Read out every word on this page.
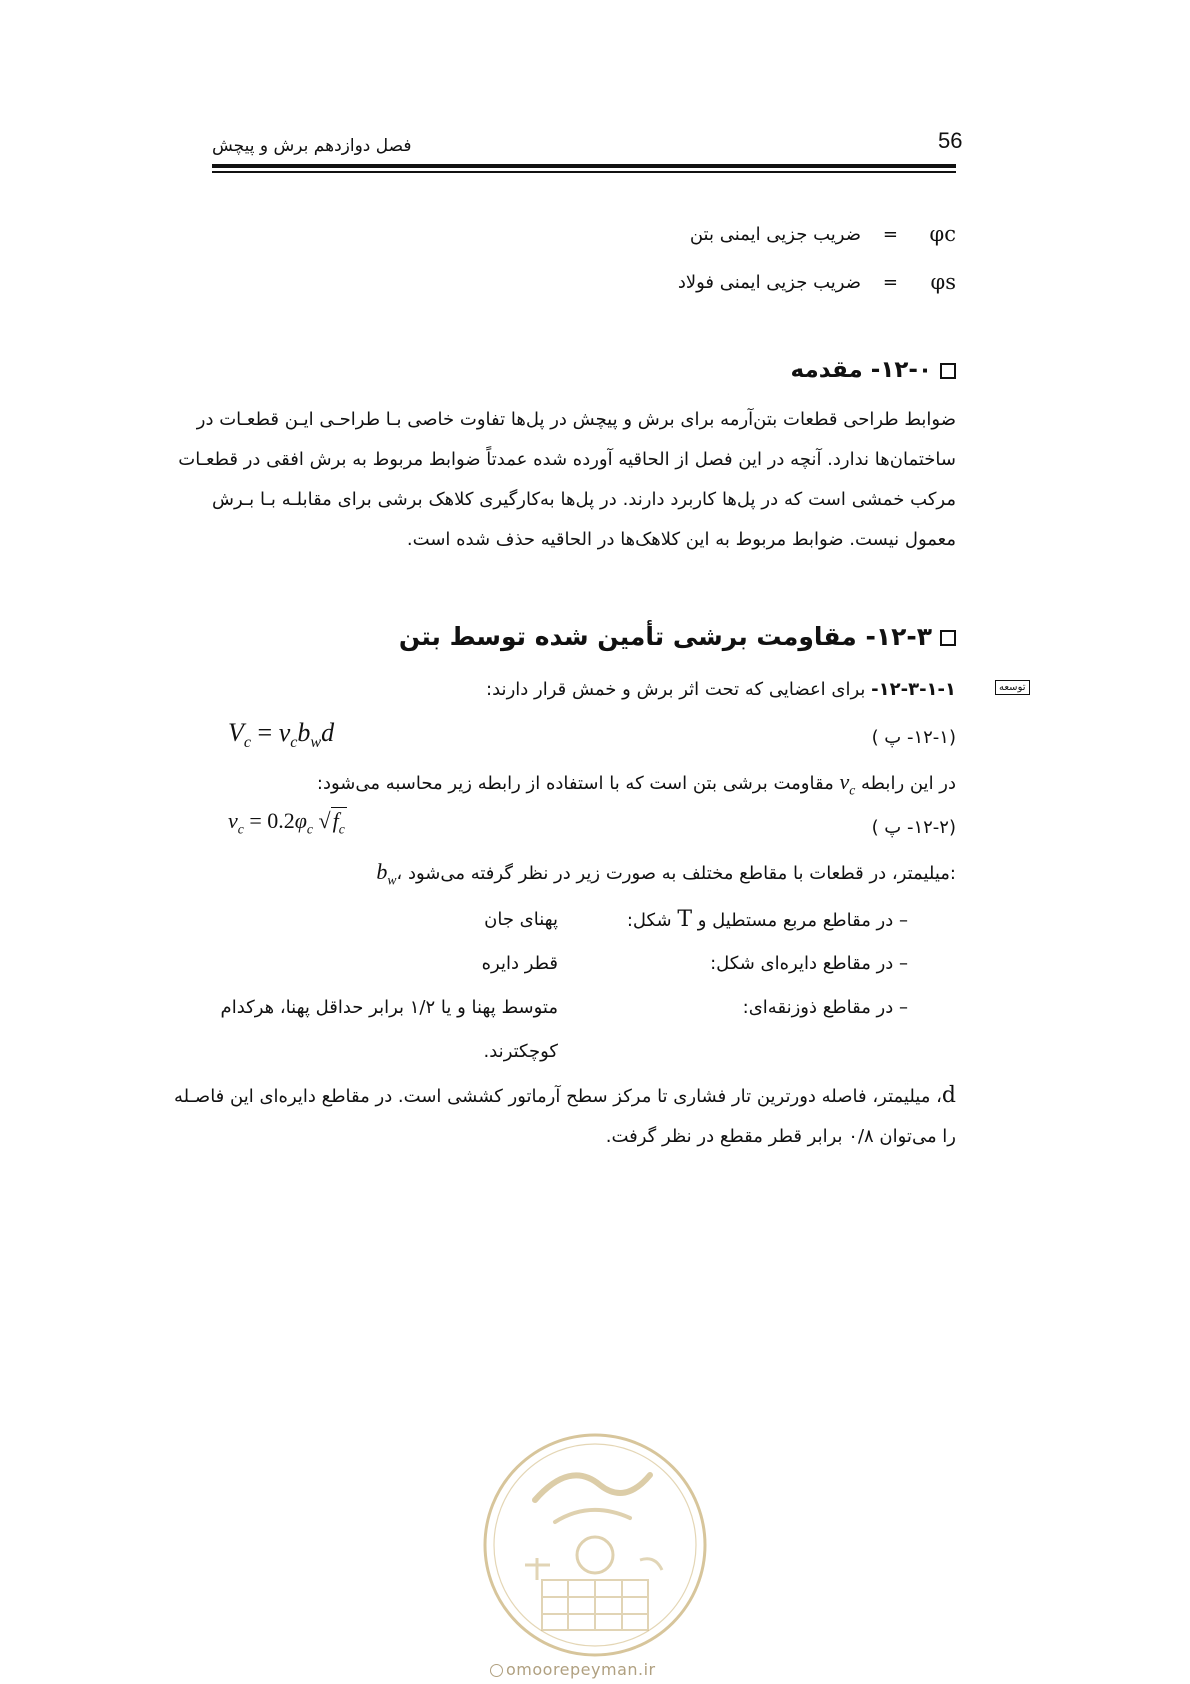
56
فصل دوازدهم برش و پیچش
φc
=
ضریب جزیی ایمنی بتن
φs
=
ضریب جزیی ایمنی فولاد
۱۲-۰- مقدمه
ضوابط طراحی قطعات بتن‌آرمه برای برش و پیچش در پل‌ها تفاوت خاصی بـا طراحـی ایـن قطعـات در
ساختمان‌ها ندارد. آنچه در این فصل از الحاقیه آورده شده عمدتاً ضوابط مربوط به برش افقی در قطعـات
مرکب خمشی است که در پل‌ها کاربرد دارند. در پل‌ها به‌کارگیری کلاهک برشی برای مقابلـه بـا بـرش
معمول نیست. ضوابط مربوط به این کلاهک‌ها در الحاقیه حذف شده است.
۱۲-۳- مقاومت برشی تأمین شده توسط بتن
توسعه
۱۲-۳-۱-۱- برای اعضایی که تحت اثر برش و خمش قرار دارند:
$V_c = v_cb_wd$	(۱۲-۱- پ )
در این رابطه $v_c$ مقاومت برشی بتن است که با استفاده از رابطه زیر محاسبه می‌شود:
$v_c = 0.2\varphi_c$ $√f_c$	(۱۲-۲- پ )
$b_w،$ میلیمتر، در قطعات با مقاطع مختلف به صورت زیر در نظر گرفته می‌شود:
– در مقاطع مربع مستطیل و T شکل:
پهنای جان
– در مقاطع دایره‌ای شکل:
قطر دایره
– در مقاطع ذوزنقه‌ای:
متوسط پهنا و یا ۱/۲ برابر حداقل پهنا، هرکدام
کوچکترند.
d، میلیمتر، فاصله دورترین تار فشاری تا مرکز سطح آرماتور کششی است. در مقاطع دایره‌ای این فاصـله
را می‌توان ۰/۸ برابر قطر مقطع در نظر گرفت.
omoorepeyman.ir
